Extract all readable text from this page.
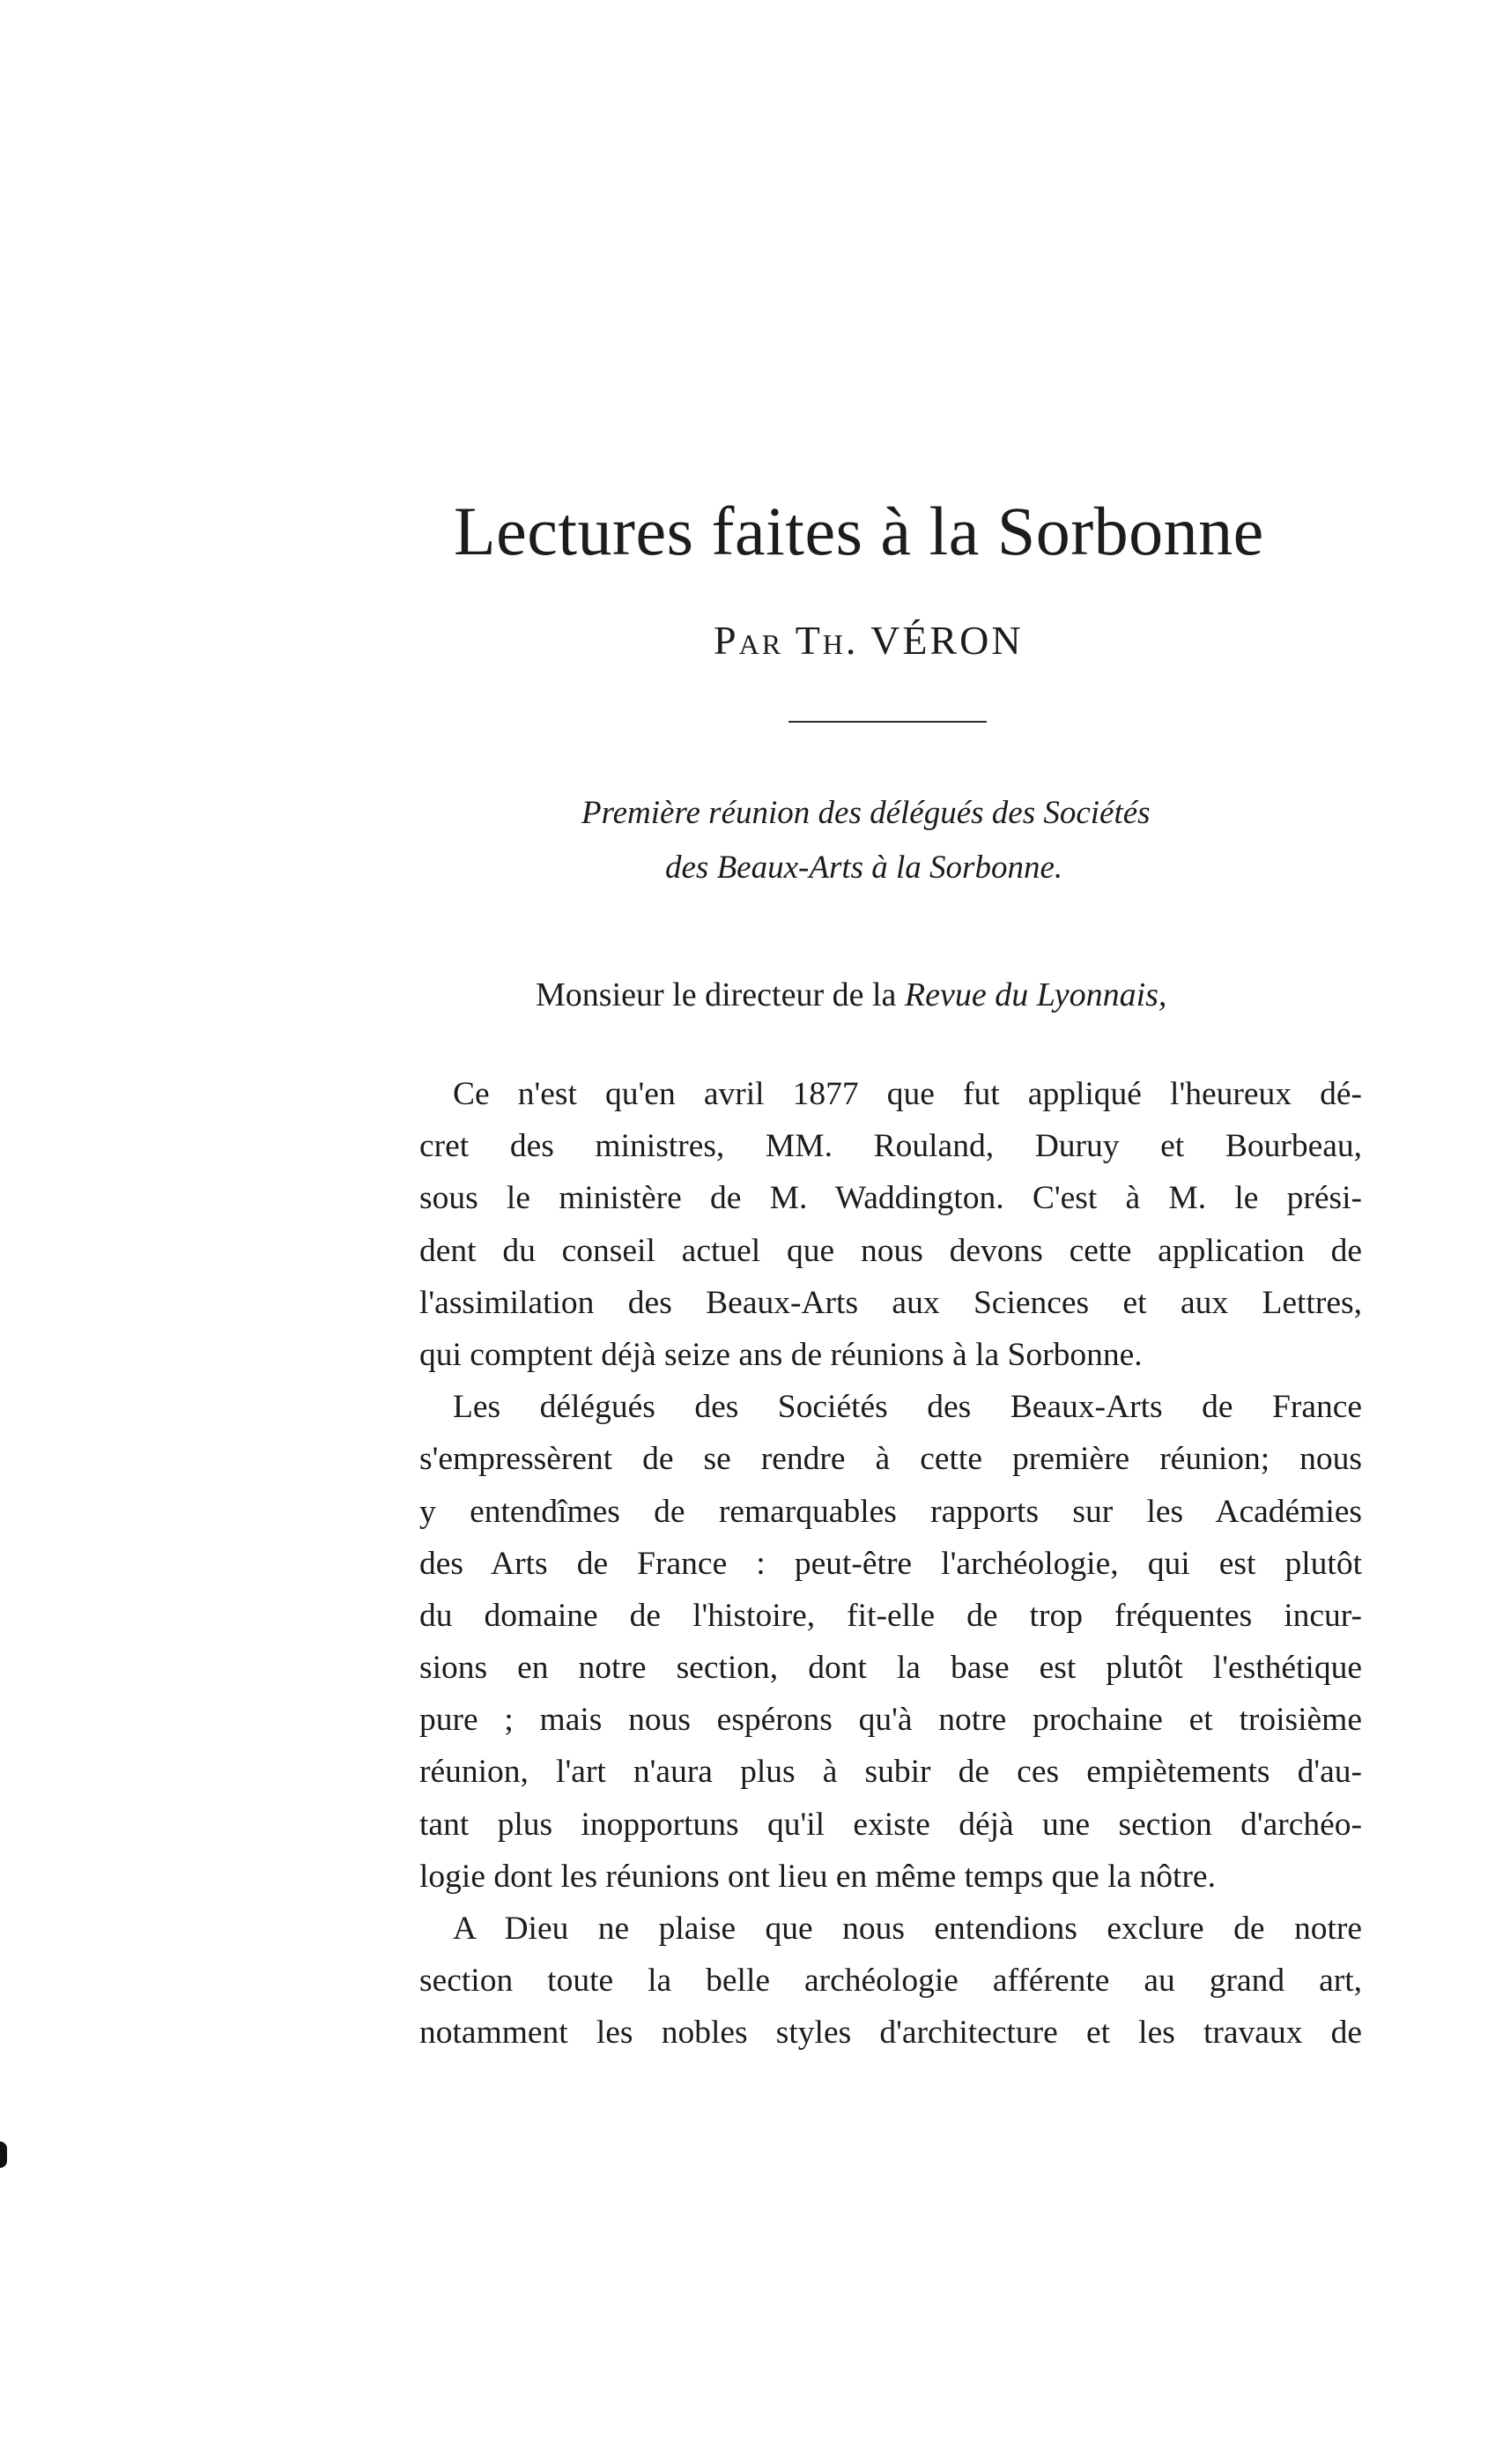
Lectures faites à la Sorbonne
Par Th. VÉRON
Première réunion des délégués des Sociétés
des Beaux-Arts à la Sorbonne.
Monsieur le directeur de la Revue du Lyonnais,
Ce n'est qu'en avril 1877 que fut appliqué l'heureux dé-
cret des ministres, MM. Rouland, Duruy et Bourbeau,
sous le ministère de M. Waddington. C'est à M. le prési-
dent du conseil actuel que nous devons cette application de
l'assimilation des Beaux-Arts aux Sciences et aux Lettres,
qui comptent déjà seize ans de réunions à la Sorbonne.
Les délégués des Sociétés des Beaux-Arts de France
s'empressèrent de se rendre à cette première réunion; nous
y entendîmes de remarquables rapports sur les Académies
des Arts de France : peut-être l'archéologie, qui est plutôt
du domaine de l'histoire, fit-elle de trop fréquentes incur-
sions en notre section, dont la base est plutôt l'esthétique
pure ; mais nous espérons qu'à notre prochaine et troisième
réunion, l'art n'aura plus à subir de ces empiètements d'au-
tant plus inopportuns qu'il existe déjà une section d'archéo-
logie dont les réunions ont lieu en même temps que la nôtre.
A Dieu ne plaise que nous entendions exclure de notre
section toute la belle archéologie afférente au grand art,
notamment les nobles styles d'architecture et les travaux de
